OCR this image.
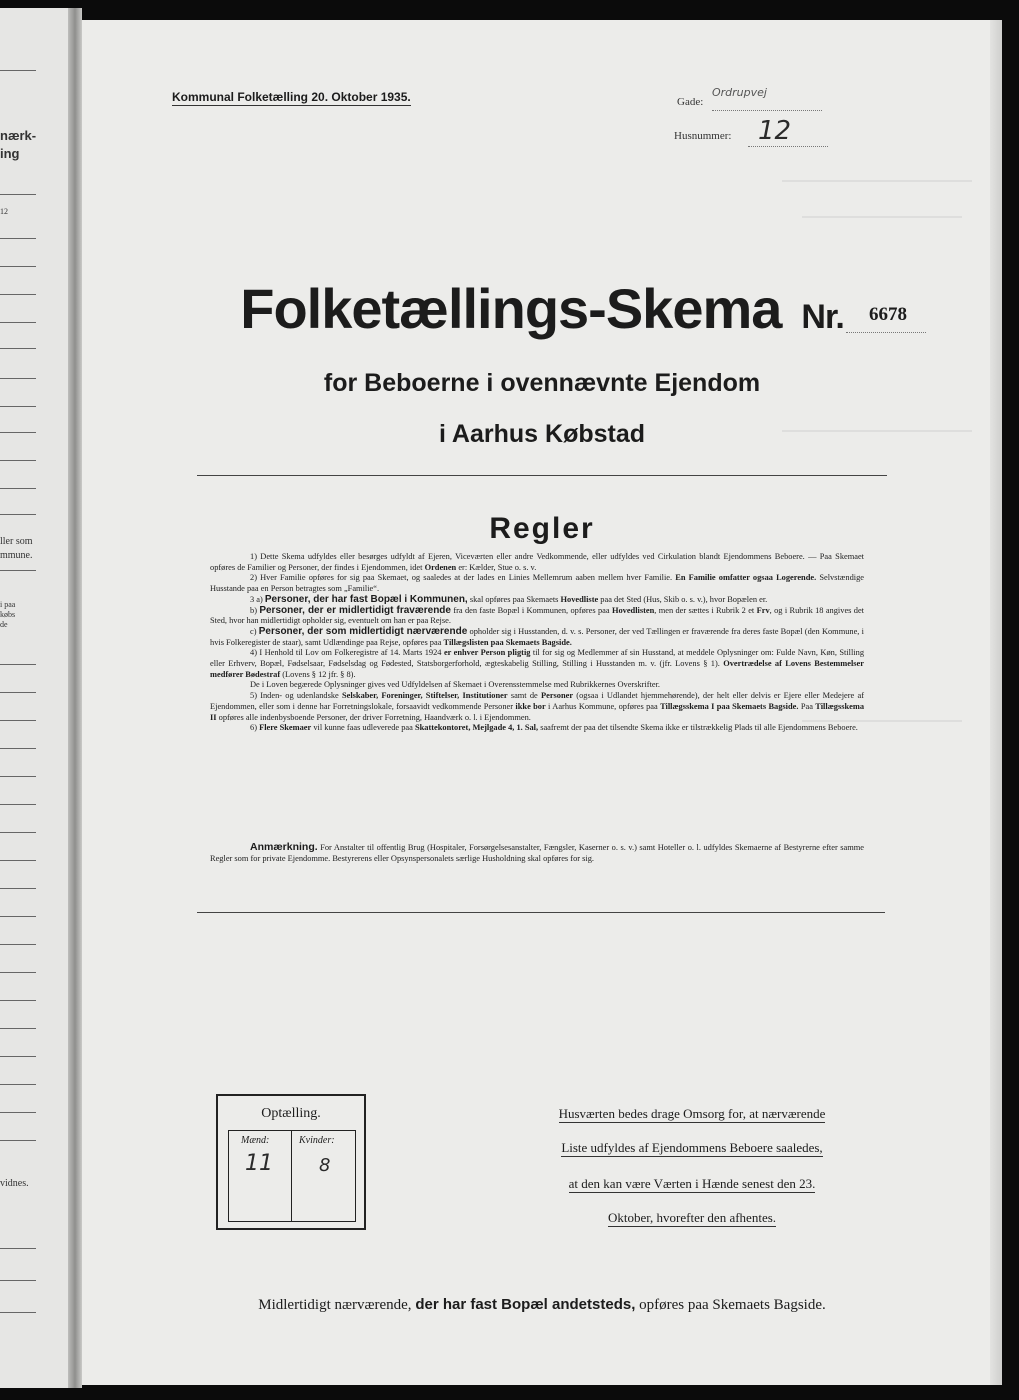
nærk-
ing
12
ller som
mmune.
i paa
købs
de
vidnes.
Kommunal Folketælling 20. Oktober 1935.	Gade:
Ordrupvej
Husnummer: 12
Folketællings-Skema Nr.	6678
for Beboerne i ovennævnte Ejendom
i Aarhus Købstad
Regler

1) Dette Skema udfyldes eller besørges udfyldt af Ejeren, Viceværten eller andre Vedkommende, eller udfyldes ved Cirkulation blandt Ejendommens Beboere. — Paa Skemaet opføres de Familier og Personer, der findes i Ejendommen, idet Ordenen er: Kælder, Stue o. s. v.

2) Hver Familie opføres for sig paa Skemaet, og saaledes at der lades en Linies Mellemrum aaben mellem hver Familie. En Familie omfatter ogsaa Logerende. Selvstændige Husstande paa en Person betragtes som „Familie“.

3 a) Personer, der har fast Bopæl i Kommunen, skal opføres paa Skemaets Hovedliste paa det Sted (Hus, Skib o. s. v.), hvor Bopælen er.

b) Personer, der er midlertidigt fraværende fra den faste Bopæl i Kommunen, opføres paa Hovedlisten, men der sættes i Rubrik 2 et Frv, og i Rubrik 18 angives det Sted, hvor han midlertidigt opholder sig, eventuelt om han er paa Rejse.

c) Personer, der som midlertidigt nærværende opholder sig i Husstanden, d. v. s. Personer, der ved Tællingen er fraværende fra deres faste Bopæl (den Kommune, i hvis Folkeregister de staar), samt Udlændinge paa Rejse, opføres paa Tillægslisten paa Skemaets Bagside.

4) I Henhold til Lov om Folkeregistre af 14. Marts 1924 er enhver Person pligtig til for sig og Medlemmer af sin Husstand, at meddele Oplysninger om: Fulde Navn, Køn, Stilling eller Erhverv, Bopæl, Fødselsaar, Fødselsdag og Fødested, Statsborgerforhold, ægteskabelig Stilling, Stilling i Husstanden m. v. (jfr. Lovens § 1). Overtrædelse af Lovens Bestemmelser medfører Bødestraf (Lovens § 12 jfr. § 8).

De i Loven begærede Oplysninger gives ved Udfyldelsen af Skemaet i Overensstemmelse med Rubrikkernes Overskrifter.

5) Inden- og udenlandske Selskaber, Foreninger, Stiftelser, Institutioner samt de Personer (ogsaa i Udlandet hjemmehørende), der helt eller delvis er Ejere eller Medejere af Ejendommen, eller som i denne har Forretningslokale, forsaavidt vedkommende Personer ikke bor i Aarhus Kommune, opføres paa Tillægsskema I paa Skemaets Bagside. Paa Tillægsskema II opføres alle indenbysboende Personer, der driver Forretning, Haandværk o. l. i Ejendommen.

6) Flere Skemaer vil kunne faas udleverede paa Skattekontoret, Mejlgade 4, 1. Sal, saafremt der paa det tilsendte Skema ikke er tilstrækkelig Plads til alle Ejendommens Beboere.

Anmærkning. For Anstalter til offentlig Brug (Hospitaler, Forsørgelsesanstalter, Fængsler, Kaserner o. s. v.) samt Hoteller o. l. udfyldes Skemaerne af Bestyrerne efter samme Regler som for private Ejendomme. Bestyrerens eller Opsynspersonalets særlige Husholdning skal opføres for sig.

Optælling.
Mænd:	Kvinder:
11	8
Husværten bedes drage Omsorg for, at nærværende
Liste udfyldes af Ejendommens Beboere saaledes,
at den kan være Værten i Hænde senest den 23.
Oktober, hvorefter den afhentes.
Midlertidigt nærværende, der har fast Bopæl andetsteds, opføres paa Skemaets Bagside.
